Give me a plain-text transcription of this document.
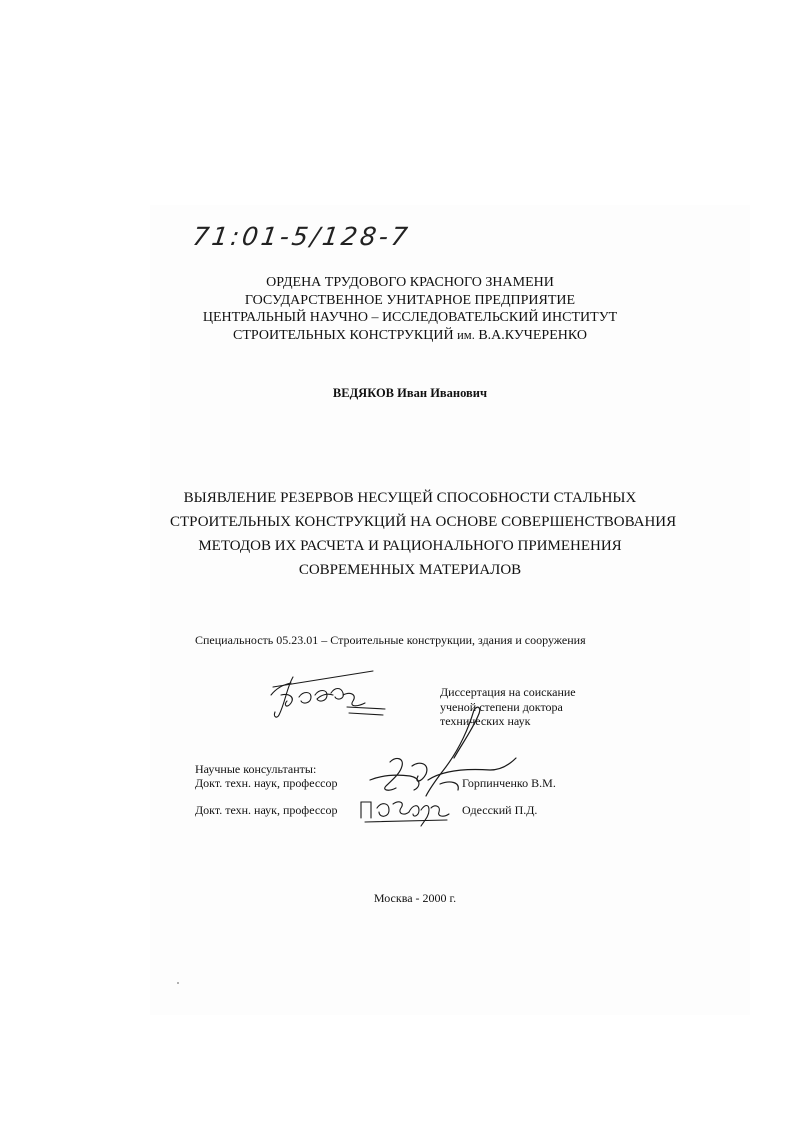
71:01-5/128-7
ОРДЕНА ТРУДОВОГО КРАСНОГО ЗНАМЕНИ
ГОСУДАРСТВЕННОЕ УНИТАРНОЕ ПРЕДПРИЯТИЕ
ЦЕНТРАЛЬНЫЙ НАУЧНО – ИССЛЕДОВАТЕЛЬСКИЙ ИНСТИТУТ
СТРОИТЕЛЬНЫХ КОНСТРУКЦИЙ им. В.А.КУЧЕРЕНКО
ВЕДЯКОВ Иван Иванович
ВЫЯВЛЕНИЕ РЕЗЕРВОВ НЕСУЩЕЙ СПОСОБНОСТИ СТАЛЬНЫХ
СТРОИТЕЛЬНЫХ КОНСТРУКЦИЙ НА ОСНОВЕ СОВЕРШЕНСТВОВАНИЯ
МЕТОДОВ ИХ РАСЧЕТА И РАЦИОНАЛЬНОГО ПРИМЕНЕНИЯ
СОВРЕМЕННЫХ МАТЕРИАЛОВ
Специальность 05.23.01 – Строительные конструкции, здания и сооружения
Диссертация на соискание
ученой степени доктора
технических наук
Научные консультанты:
Докт. техн. наук, профессор	Горпинченко В.М.
Докт. техн. наук, профессор	Одесский П.Д.
Москва - 2000 г.
